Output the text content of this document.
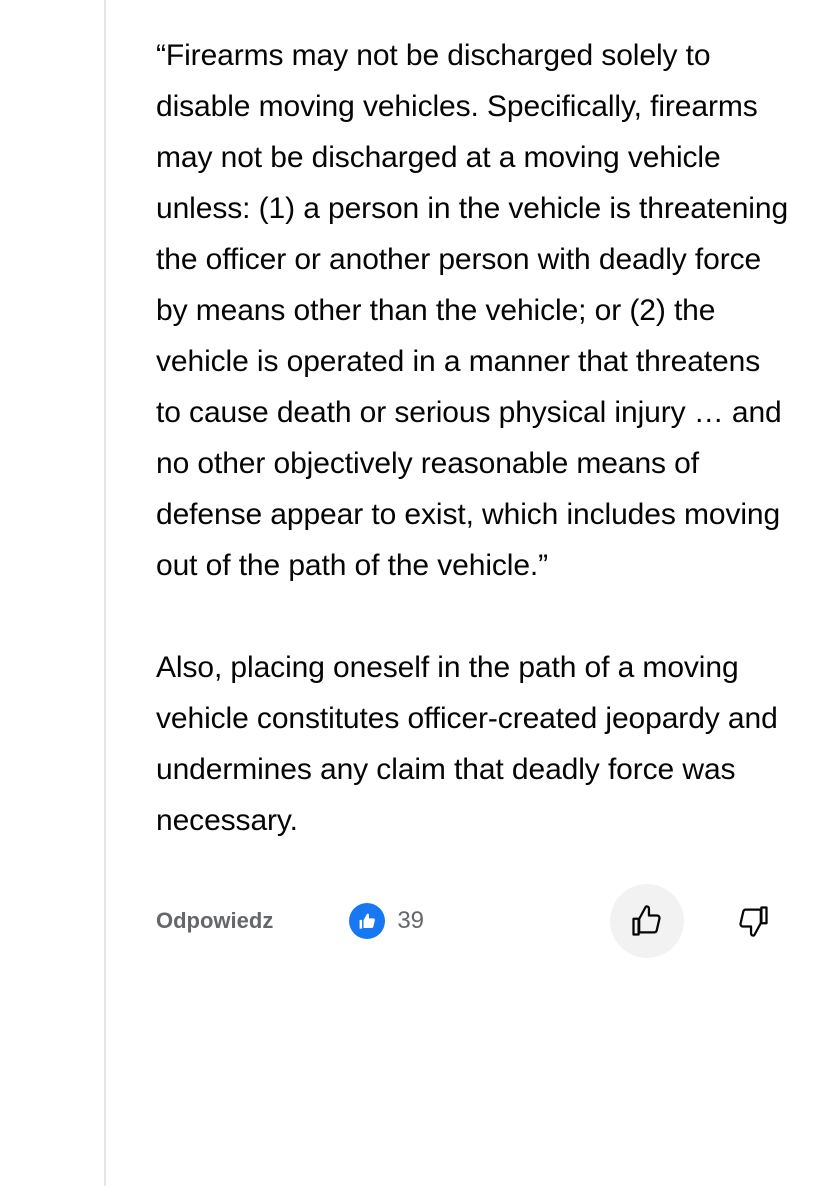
“Firearms may not be discharged solely to disable moving vehicles. Specifically, firearms may not be discharged at a moving vehicle unless: (1) a person in the vehicle is threatening the officer or another person with deadly force by means other than the vehicle; or (2) the vehicle is operated in a manner that threatens to cause death or serious physical injury … and no other objectively reasonable means of defense appear to exist, which includes moving out of the path of the vehicle.”

Also, placing oneself in the path of a moving vehicle constitutes officer-created jeopardy and undermines any claim that deadly force was necessary.

Odpowiedz	39
